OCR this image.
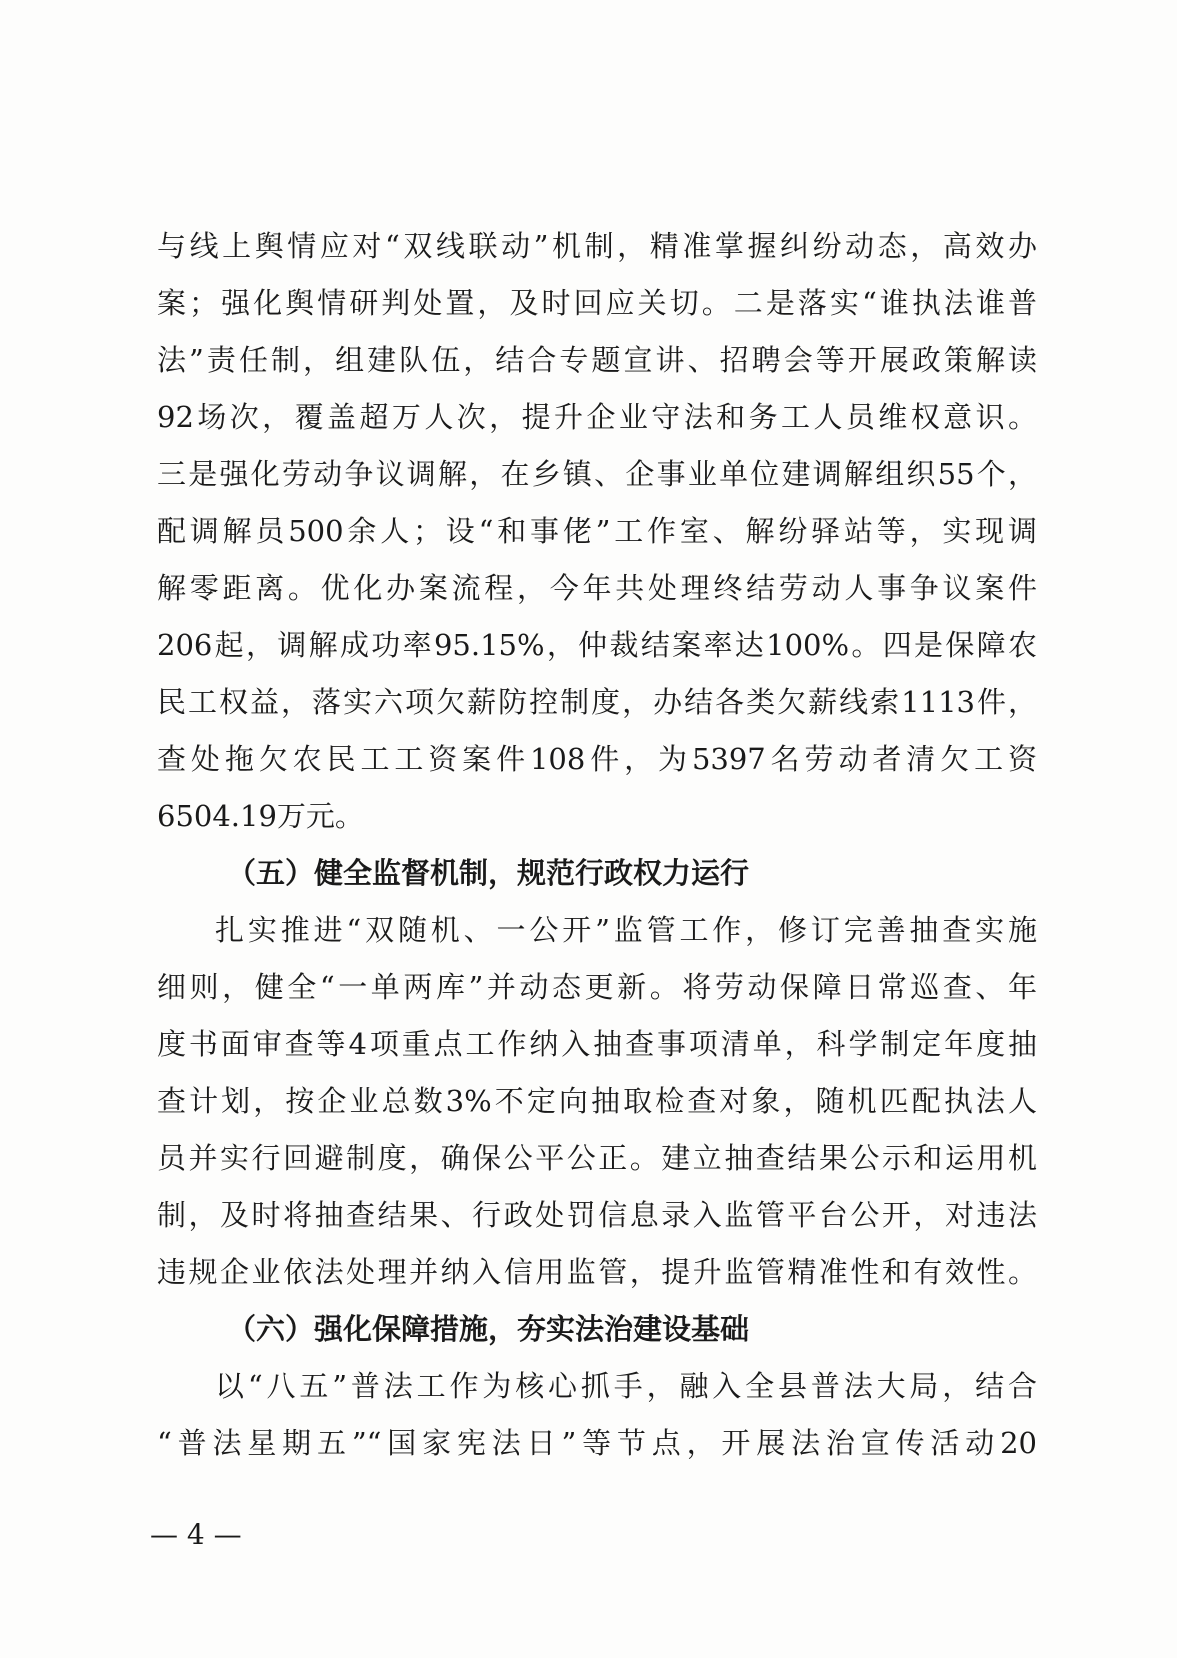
与线上舆情应对“双线联动”机制，精准掌握纠纷动态，高效办
案；强化舆情研判处置，及时回应关切。二是落实“谁执法谁普
法”责任制，组建队伍，结合专题宣讲、招聘会等开展政策解读
92场次，覆盖超万人次，提升企业守法和务工人员维权意识。
三是强化劳动争议调解，在乡镇、企事业单位建调解组织55个，
配调解员500余人；设“和事佬”工作室、解纷驿站等，实现调
解零距离。优化办案流程，今年共处理终结劳动人事争议案件
206起，调解成功率95.15%，仲裁结案率达100%。四是保障农
民工权益，落实六项欠薪防控制度，办结各类欠薪线索1113件，
查处拖欠农民工工资案件108件，为5397名劳动者清欠工资
6504.19万元。
（五）健全监督机制，规范行政权力运行
扎实推进“双随机、一公开”监管工作，修订完善抽查实施
细则，健全“一单两库”并动态更新。将劳动保障日常巡查、年
度书面审查等4项重点工作纳入抽查事项清单，科学制定年度抽
查计划，按企业总数3%不定向抽取检查对象，随机匹配执法人
员并实行回避制度，确保公平公正。建立抽查结果公示和运用机
制，及时将抽查结果、行政处罚信息录入监管平台公开，对违法
违规企业依法处理并纳入信用监管，提升监管精准性和有效性。
（六）强化保障措施，夯实法治建设基础
以“八五”普法工作为核心抓手，融入全县普法大局，结合
“普法星期五”“国家宪法日”等节点，开展法治宣传活动20
— 4 —
